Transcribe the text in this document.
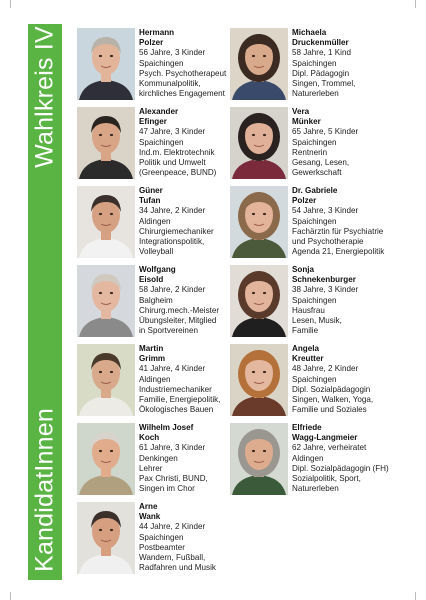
Wahlkreis IV
KandidatInnen
Hermann
Polzer
56 Jahre, 3 Kinder
Spaichingen
Psych. Psychotherapeut
Kommunalpolitik,
kirchliches Engagement
Alexander
Efinger
47 Jahre, 3 Kinder
Spaichingen
Ind.m. Elektrotechnik
Politik und Umwelt
(Greenpeace, BUND)
Güner
Tufan
34 Jahre, 2 Kinder
Aldingen
Chirurgiemechaniker
Integrationspolitik,
Volleyball
Wolfgang
Eisold
58 Jahre, 2 Kinder
Balgheim
Chirurg.mech.-Meister
Übungsleiter, Mitglied
in Sportvereinen
Martin
Grimm
41 Jahre, 4 Kinder
Aldingen
Industriemechaniker
Familie, Energiepolitik,
Ökologisches Bauen
Wilhelm Josef
Koch
61 Jahre, 3 Kinder
Denkingen
Lehrer
Pax Christi, BUND,
Singen im Chor
Arne
Wank
44 Jahre, 2 Kinder
Spaichingen
Postbeamter
Wandern, Fußball,
Radfahren und Musik
Michaela
Druckenmüller
58 Jahre, 1 Kind
Spaichingen
Dipl. Pädagogin
Singen, Trommel,
Naturerleben
Vera
Münker
65 Jahre, 5 Kinder
Spaichingen
Rentnerin
Gesang, Lesen,
Gewerkschaft
Dr. Gabriele
Polzer
54 Jahre, 3 Kinder
Spaichingen
Fachärztin für Psychiatrie
und Psychotherapie
Agenda 21, Energiepolitik
Sonja
Schnekenburger
38 Jahre, 3 Kinder
Spaichingen
Hausfrau
Lesen, Musik,
Familie
Angela
Kreutter
48 Jahre, 2 Kinder
Spaichingen
Dipl. Sozialpädagogin
Singen, Walken, Yoga,
Familie und Soziales
Elfriede
Wagg-Langmeier
62 Jahre, verheiratet
Aldingen
Dipl. Sozialpädagogin (FH)
Sozialpolitik, Sport,
Naturerleben
